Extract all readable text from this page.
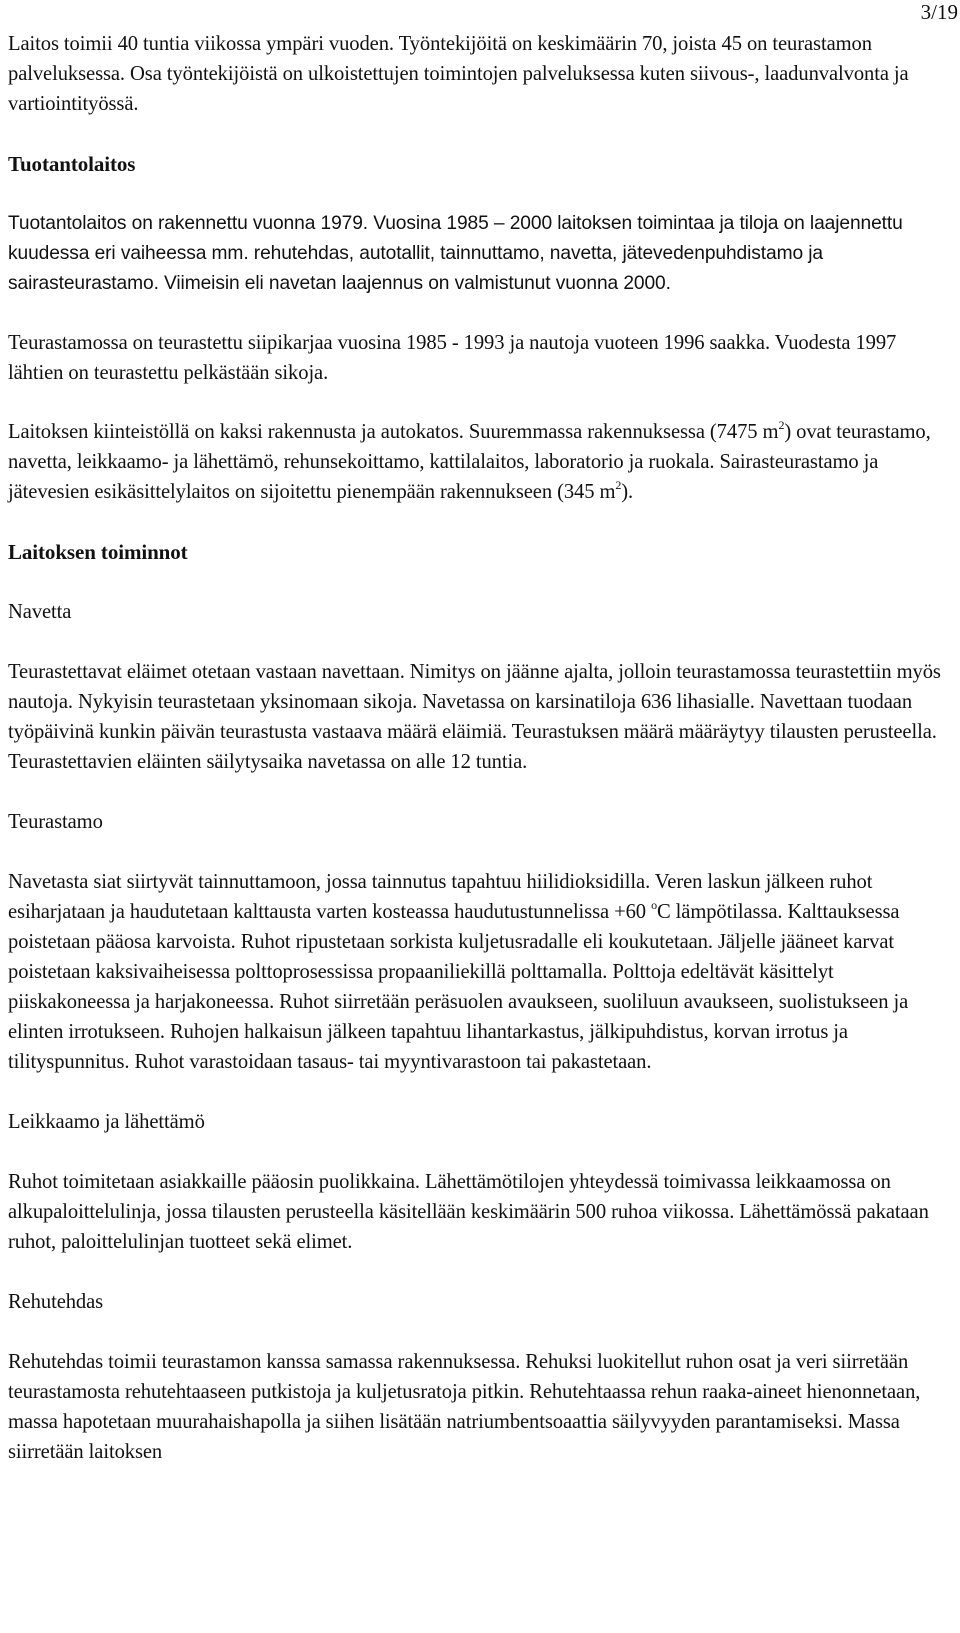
3/19

Laitos toimii 40 tuntia viikossa ympäri vuoden. Työntekijöitä on keskimäärin 70, joista 45 on teurastamon palveluksessa. Osa työntekijöistä on ulkoistettujen toimintojen palveluksessa kuten siivous-, laadunvalvonta ja vartiointityössä.

Tuotantolaitos

Tuotantolaitos on rakennettu vuonna 1979. Vuosina 1985 – 2000 laitoksen toimintaa ja tiloja on laajennettu kuudessa eri vaiheessa mm. rehutehdas, autotallit, tainnuttamo, navetta, jätevedenpuhdistamo ja sairasteurastamo. Viimeisin eli navetan laajennus on valmistunut vuonna 2000.

Teurastamossa on teurastettu siipikarjaa vuosina 1985 - 1993 ja nautoja vuoteen 1996 saakka. Vuodesta 1997 lähtien on teurastettu pelkästään sikoja.

Laitoksen kiinteistöllä on kaksi rakennusta ja autokatos. Suuremmassa rakennuksessa (7475 $m^2$) ovat teurastamo, navetta, leikkaamo- ja lähettämö, rehunsekoittamo, kattilalaitos, laboratorio ja ruokala. Sairasteurastamo ja jätevesien esikäsittelylaitos on sijoitettu pienempään rakennukseen (345 $m^2$).

Laitoksen toiminnot
Navetta

Teurastettavat eläimet otetaan vastaan navettaan. Nimitys on jäänne ajalta, jolloin teurastamossa teurastettiin myös nautoja. Nykyisin teurastetaan yksinomaan sikoja. Navetassa on karsinatiloja 636 lihasialle. Navettaan tuodaan työpäivinä kunkin päivän teurastusta vastaava määrä eläimiä. Teurastuksen määrä määräytyy tilausten perusteella. Teurastettavien eläinten säilytysaika navetassa on alle 12 tuntia.

Teurastamo

Navetasta siat siirtyvät tainnuttamoon, jossa tainnutus tapahtuu hiilidioksidilla. Veren laskun jälkeen ruhot esiharjataan ja haudutetaan kalttausta varten kosteassa haudutustunnelissa +60 $^o$C lämpötilassa. Kalttauksessa poistetaan pääosa karvoista. Ruhot ripustetaan sorkista kuljetusradalle eli koukutetaan. Jäljelle jääneet karvat poistetaan kaksivaiheisessa polttoprosessissa propaaniliekillä polttamalla. Polttoja edeltävät käsittelyt piiskakoneessa ja harjakoneessa. Ruhot siirretään peräsuolen avaukseen, suoliluun avaukseen, suolistukseen ja elinten irrotukseen. Ruhojen halkaisun jälkeen tapahtuu lihantarkastus, jälkipuhdistus, korvan irrotus ja tilityspunnitus. Ruhot varastoidaan tasaus- tai myyntivarastoon tai pakastetaan.

Leikkaamo ja lähettämö

Ruhot toimitetaan asiakkaille pääosin puolikkaina. Lähettämötilojen yhteydessä toimivassa leikkaamossa on alkupaloittelulinja, jossa tilausten perusteella käsitellään keskimäärin 500 ruhoa viikossa. Lähettämössä pakataan ruhot, paloittelulinjan tuotteet sekä elimet.

Rehutehdas

Rehutehdas toimii teurastamon kanssa samassa rakennuksessa. Rehuksi luokitellut ruhon osat ja veri siirretään teurastamosta rehutehtaaseen putkistoja ja kuljetusratoja pitkin. Rehutehtaassa rehun raaka-aineet hienonnetaan, massa hapotetaan muurahaishapolla ja siihen lisätään natriumbentsoaattia säilyvyyden parantamiseksi. Massa siirretään laitoksen
